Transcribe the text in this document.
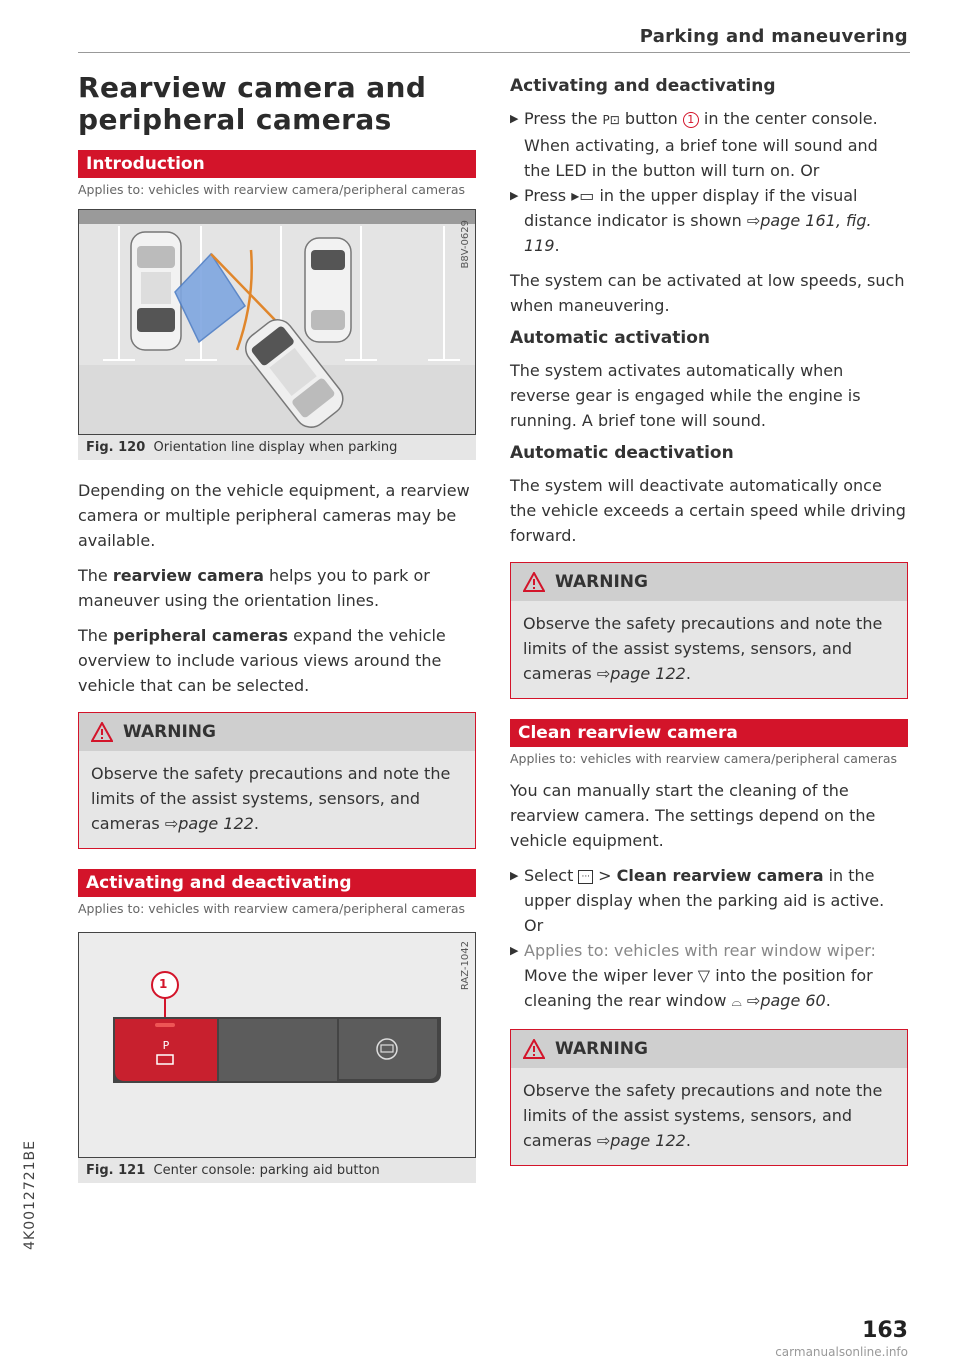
Parking and maneuvering
Rearview camera and
peripheral cameras
Introduction
Applies to: vehicles with rearview camera/peripheral cameras
B8V-0629
Fig. 120 Orientation line display when parking

Depending on the vehicle equipment, a rearview camera or multiple peripheral cameras may be available.

The rearview camera helps you to park or maneuver using the orientation lines.

The peripheral cameras expand the vehicle overview to include various views around the vehicle that can be selected.

WARNING
Observe the safety precautions and note the limits of the assist systems, sensors, and cameras ⇨page 122.
Activating and deactivating
Applies to: vehicles with rearview camera/peripheral cameras
P
1	RAZ-1042
Fig. 121 Center console: parking aid button
Activating and deactivating
▶ Press the P⊡ button 1 in the center console. When activating, a brief tone will sound and the LED in the button will turn on. Or
▶ Press ▸▭ in the upper display if the visual distance indicator is shown ⇨page 161, fig. 119.

The system can be activated at low speeds, such when maneuvering.

Automatic activation

The system activates automatically when reverse gear is engaged while the engine is running. A brief tone will sound.

Automatic deactivation

The system will deactivate automatically once the vehicle exceeds a certain speed while driving forward.

WARNING
Observe the safety precautions and note the limits of the assist systems, sensors, and cameras ⇨page 122.
Clean rearview camera
Applies to: vehicles with rearview camera/peripheral cameras

You can manually start the cleaning of the rearview camera. The settings depend on the vehicle equipment.

▶ Select ··· > Clean rearview camera in the upper display when the parking aid is active. Or
▶ Applies to: vehicles with rear window wiper: Move the wiper lever ▽ into the position for cleaning the rear window ⌓ ⇨page 60.
WARNING
Observe the safety precautions and note the limits of the assist systems, sensors, and cameras ⇨page 122.
4K0012721BE
163
carmanualsonline.info
